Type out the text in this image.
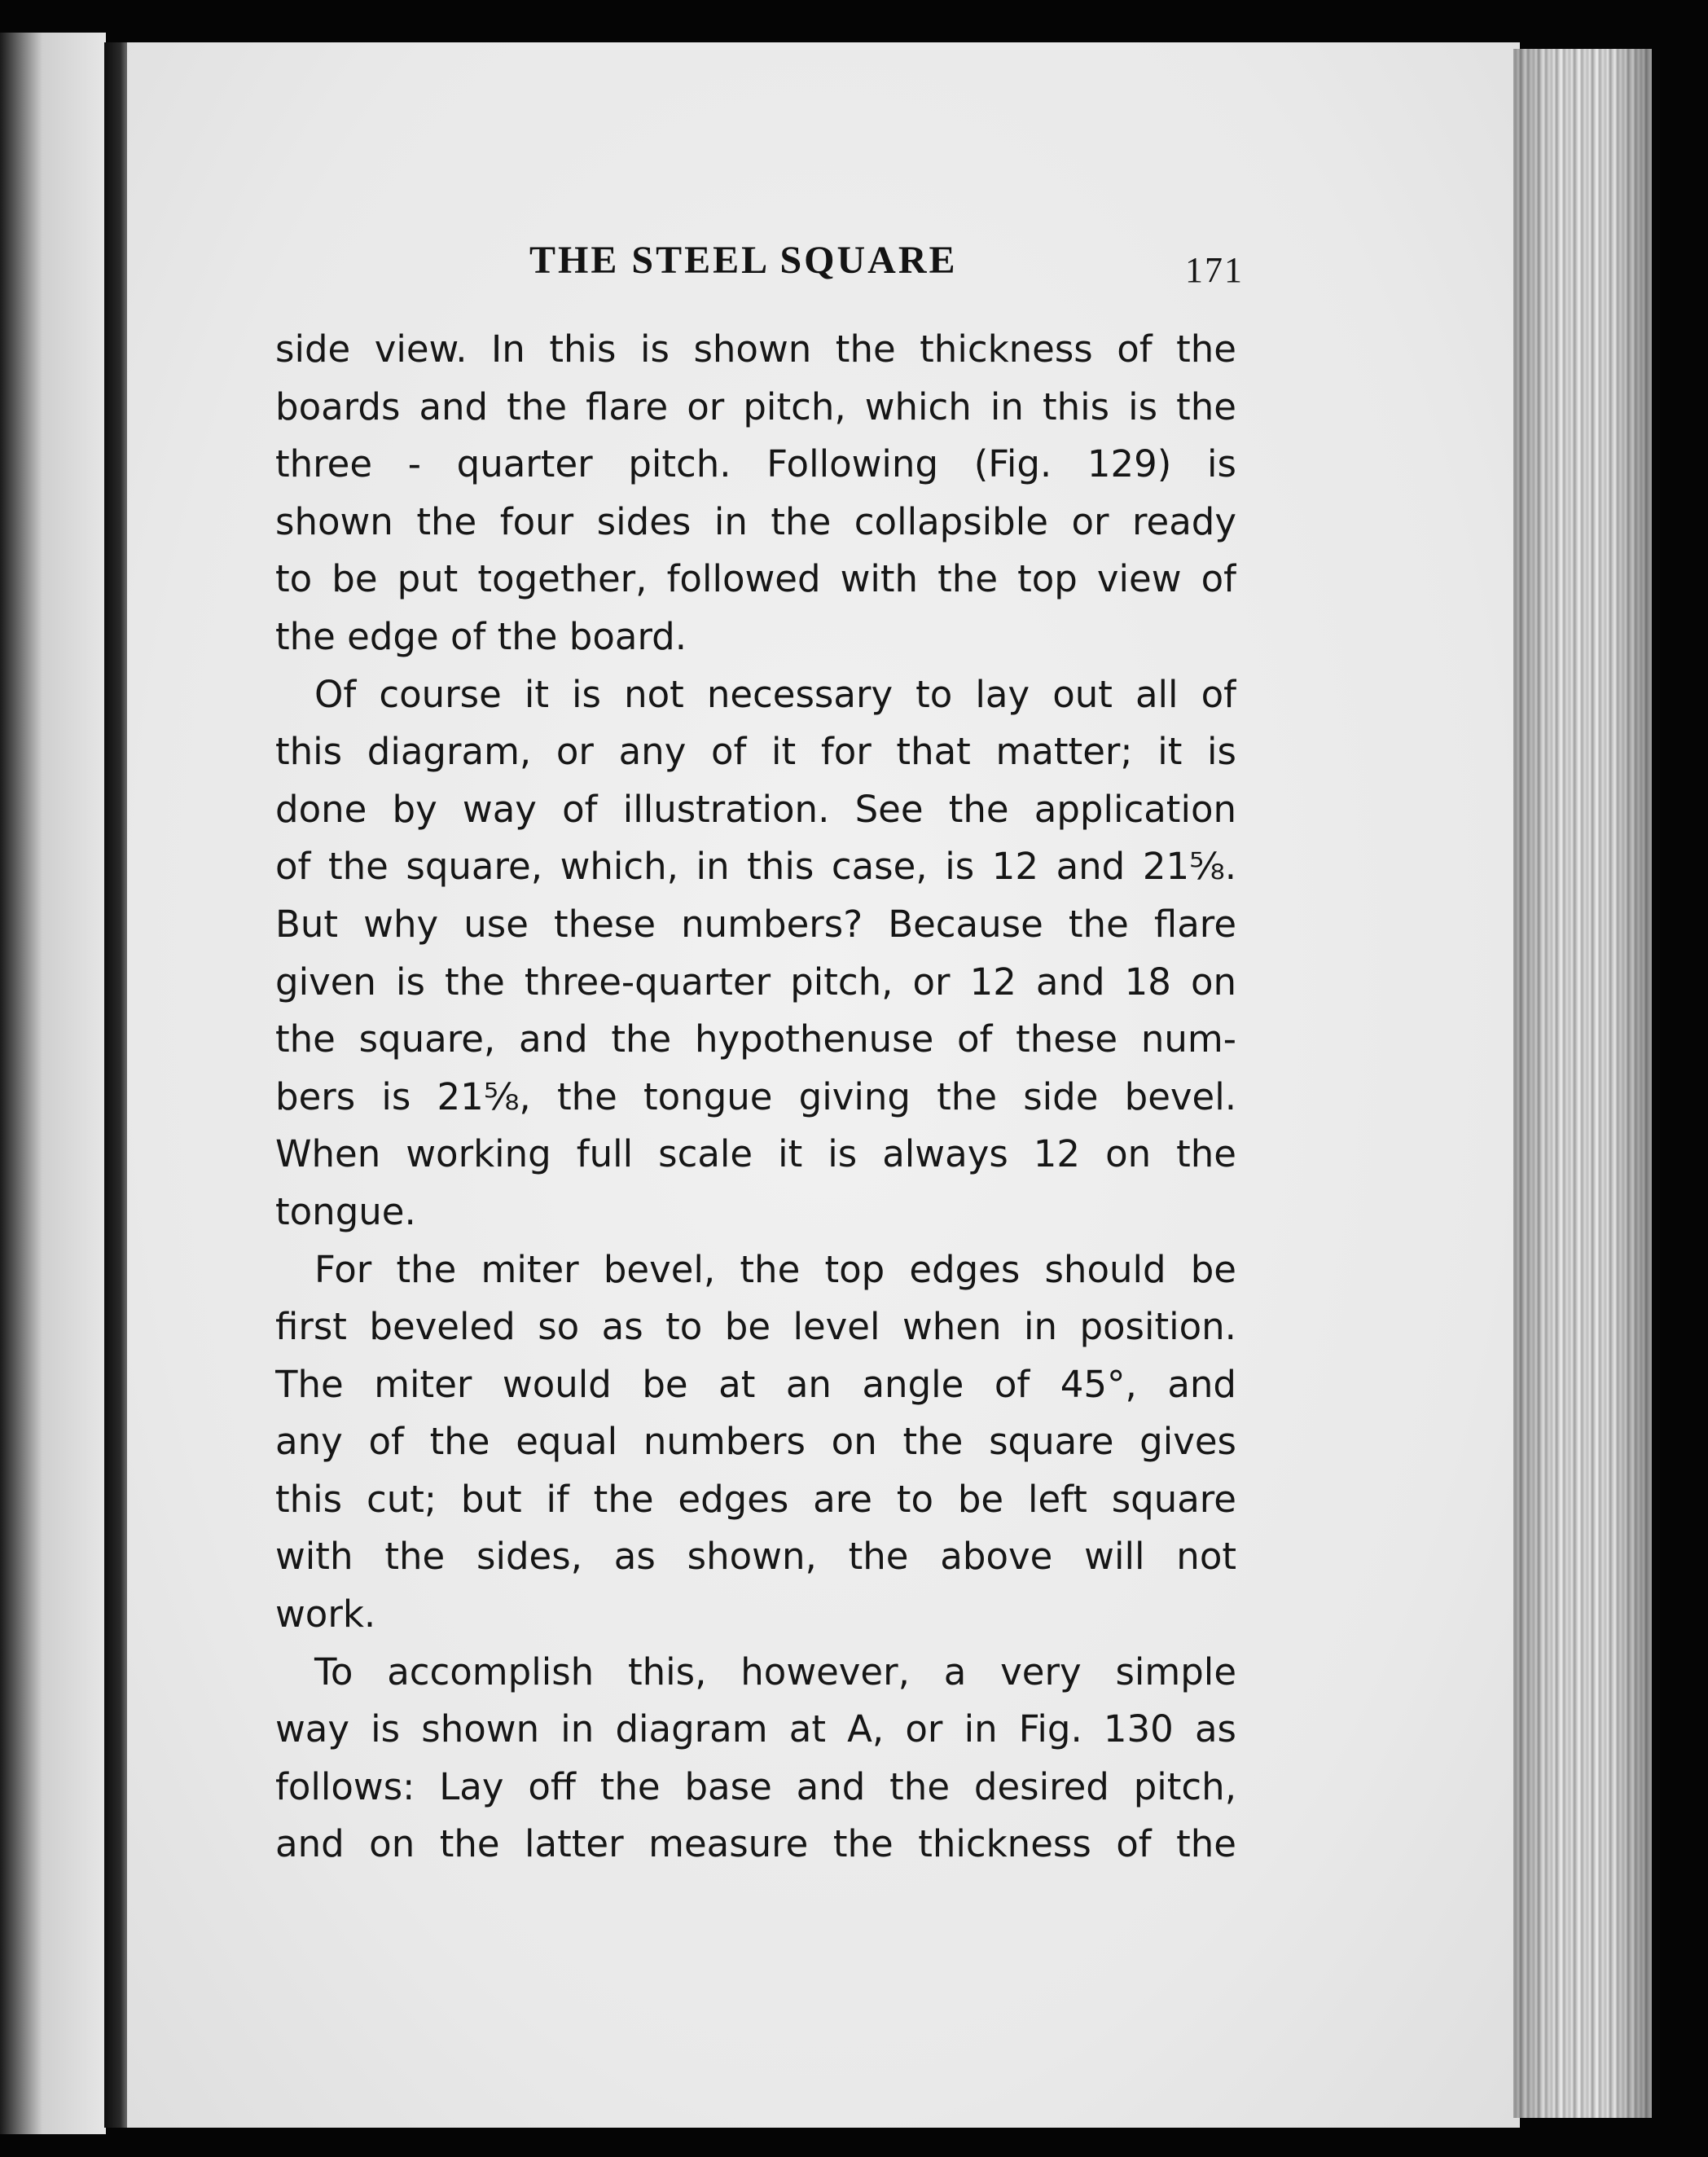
THE STEEL SQUARE	171
side view. In this is shown the thickness of the
boards and the flare or pitch, which in this is the
three - quarter pitch. Following (Fig. 129) is
shown the four sides in the collapsible or ready
to be put together, followed with the top view of
the edge of the board.
Of course it is not necessary to lay out all of
this diagram, or any of it for that matter; it is
done by way of illustration. See the application
of the square, which, in this case, is 12 and 21⅝.
But why use these numbers? Because the flare
given is the three-quarter pitch, or 12 and 18 on
the square, and the hypothenuse of these num-
bers is 21⅝, the tongue giving the side bevel.
When working full scale it is always 12 on the
tongue.
For the miter bevel, the top edges should be
first beveled so as to be level when in position.
The miter would be at an angle of 45°, and
any of the equal numbers on the square gives
this cut; but if the edges are to be left square
with the sides, as shown, the above will not
work.
To accomplish this, however, a very simple
way is shown in diagram at A, or in Fig. 130 as
follows: Lay off the base and the desired pitch,
and on the latter measure the thickness of the
